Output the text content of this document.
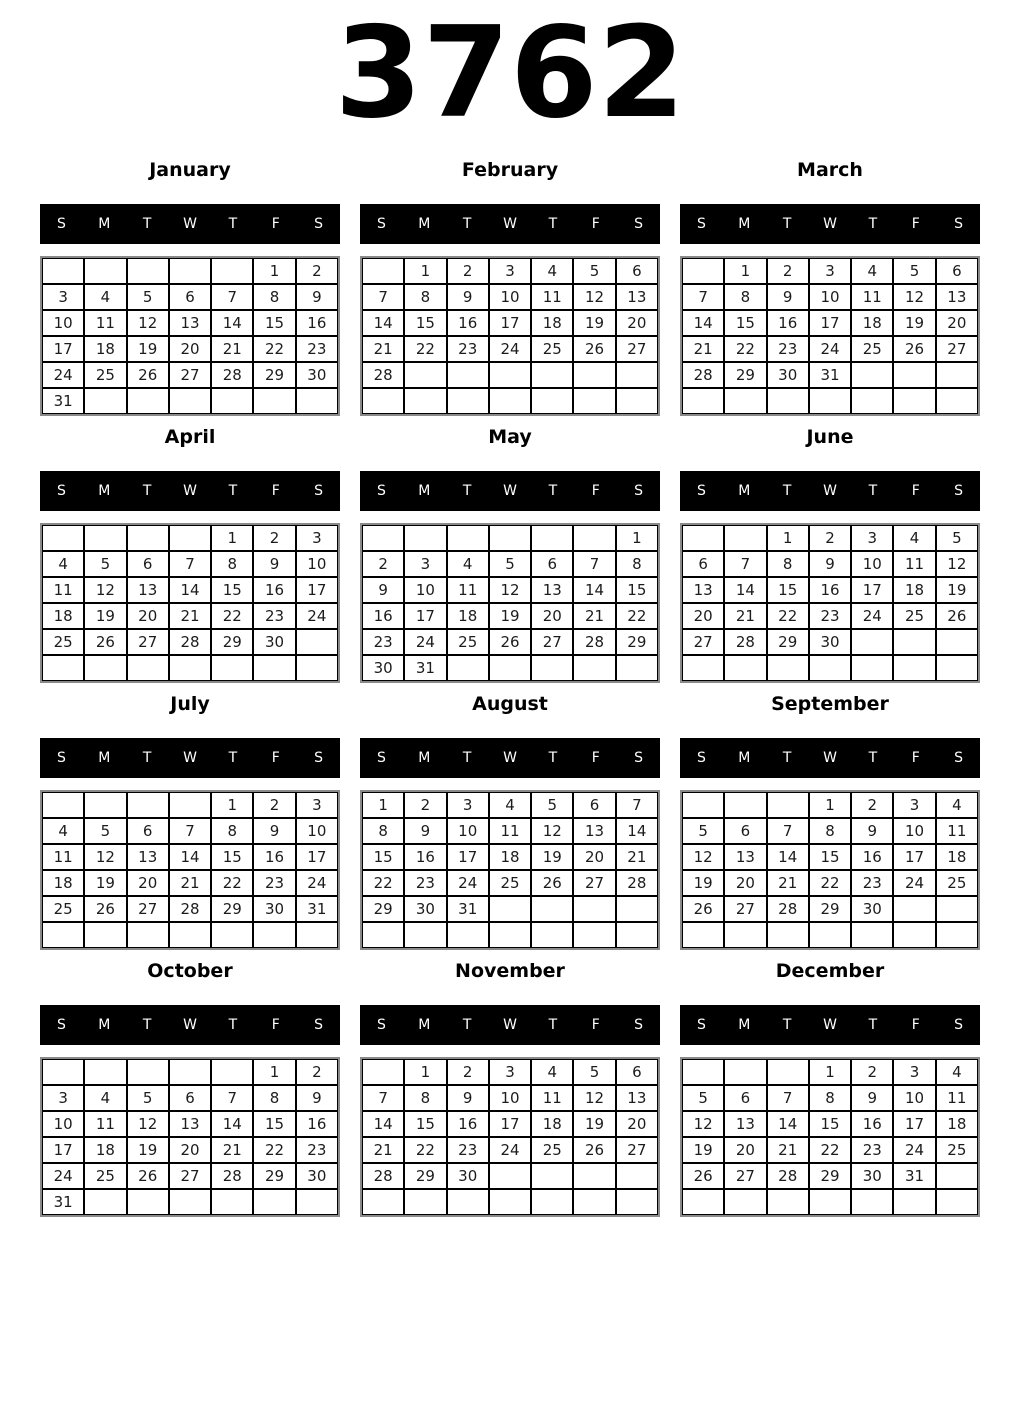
3762
January
S	M	T	W	T	F	S
					1	2
3	4	5	6	7	8	9
10	11	12	13	14	15	16
17	18	19	20	21	22	23
24	25	26	27	28	29	30
31						
February
S	M	T	W	T	F	S
	1	2	3	4	5	6
7	8	9	10	11	12	13
14	15	16	17	18	19	20
21	22	23	24	25	26	27
28						

March
S	M	T	W	T	F	S
	1	2	3	4	5	6
7	8	9	10	11	12	13
14	15	16	17	18	19	20
21	22	23	24	25	26	27
28	29	30	31			

April
S	M	T	W	T	F	S
				1	2	3
4	5	6	7	8	9	10
11	12	13	14	15	16	17
18	19	20	21	22	23	24
25	26	27	28	29	30	

May
S	M	T	W	T	F	S
						1
2	3	4	5	6	7	8
9	10	11	12	13	14	15
16	17	18	19	20	21	22
23	24	25	26	27	28	29
30	31					
June
S	M	T	W	T	F	S
		1	2	3	4	5
6	7	8	9	10	11	12
13	14	15	16	17	18	19
20	21	22	23	24	25	26
27	28	29	30			

July
S	M	T	W	T	F	S
				1	2	3
4	5	6	7	8	9	10
11	12	13	14	15	16	17
18	19	20	21	22	23	24
25	26	27	28	29	30	31

August
S	M	T	W	T	F	S
1	2	3	4	5	6	7
8	9	10	11	12	13	14
15	16	17	18	19	20	21
22	23	24	25	26	27	28
29	30	31				

September
S	M	T	W	T	F	S
			1	2	3	4
5	6	7	8	9	10	11
12	13	14	15	16	17	18
19	20	21	22	23	24	25
26	27	28	29	30		

October
S	M	T	W	T	F	S
					1	2
3	4	5	6	7	8	9
10	11	12	13	14	15	16
17	18	19	20	21	22	23
24	25	26	27	28	29	30
31						
November
S	M	T	W	T	F	S
	1	2	3	4	5	6
7	8	9	10	11	12	13
14	15	16	17	18	19	20
21	22	23	24	25	26	27
28	29	30				

December
S	M	T	W	T	F	S
			1	2	3	4
5	6	7	8	9	10	11
12	13	14	15	16	17	18
19	20	21	22	23	24	25
26	27	28	29	30	31	
